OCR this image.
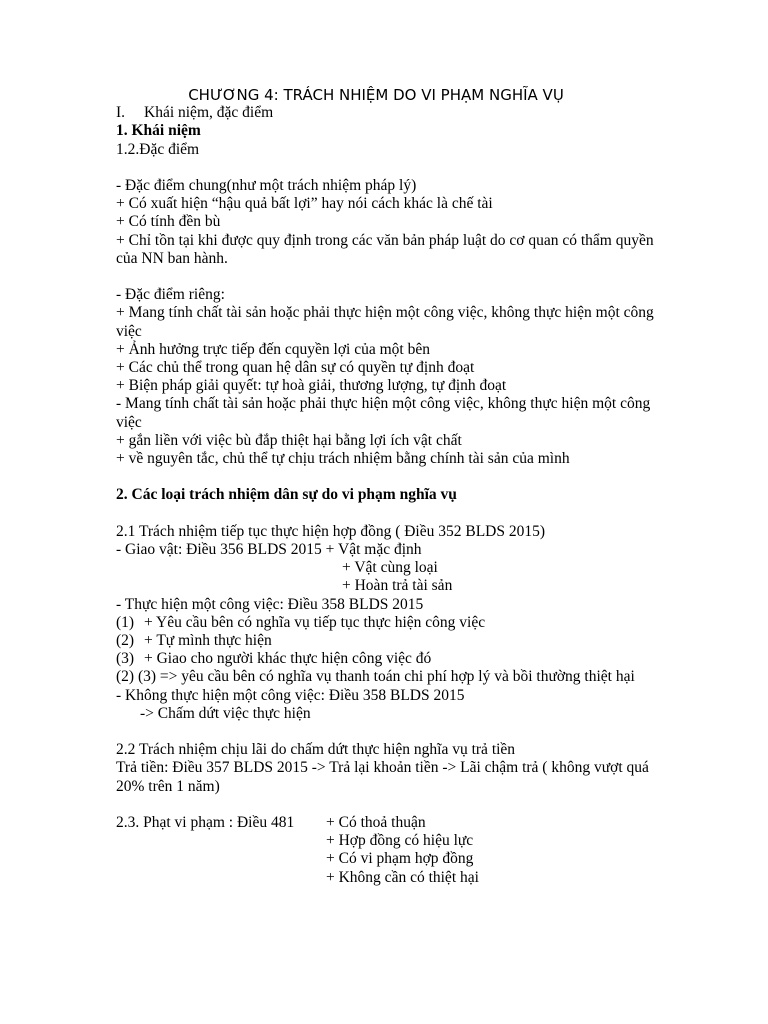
CHƯƠNG 4: TRÁCH NHIỆM DO VI PHẠM NGHĨA VỤ
I. Khái niệm, đặc điểm
1. Khái niệm
1.2.Đặc điểm
- Đặc điểm chung(như một trách nhiệm pháp lý)
+ Có xuất hiện “hậu quả bất lợi” hay nói cách khác là chế tài
+ Có tính đền bù
+ Chỉ tồn tại khi được quy định trong các văn bản pháp luật do cơ quan có thẩm quyền của NN ban hành.
- Đặc điểm riêng:
+ Mang tính chất tài sản hoặc phải thực hiện một công việc, không thực hiện một công việc
+ Ảnh hưởng trực tiếp đến cquyền lợi của một bên
+ Các chủ thể trong quan hệ dân sự có quyền tự định đoạt
+ Biện pháp giải quyết: tự hoà giải, thương lượng, tự định đoạt
- Mang tính chất tài sản hoặc phải thực hiện một công việc, không thực hiện một công việc
+ gắn liền với việc bù đắp thiệt hại bằng lợi ích vật chất
+ về nguyên tắc, chủ thể tự chịu trách nhiệm bằng chính tài sản của mình
2. Các loại trách nhiệm dân sự do vi phạm nghĩa vụ
2.1 Trách nhiệm tiếp tục thực hiện hợp đồng ( Điều 352 BLDS 2015)
- Giao vật: Điều 356 BLDS 2015 + Vật mặc định
+ Vật cùng loại
+ Hoàn trả tài sản
- Thực hiện một công việc: Điều 358 BLDS 2015
(1) + Yêu cầu bên có nghĩa vụ tiếp tục thực hiện công việc
(2) + Tự mình thực hiện
(3) + Giao cho người khác thực hiện công việc đó
(2) (3) => yêu cầu bên có nghĩa vụ thanh toán chi phí hợp lý và bồi thường thiệt hại
- Không thực hiện một công việc: Điều 358 BLDS 2015
-> Chấm dứt việc thực hiện
2.2 Trách nhiệm chịu lãi do chấm dứt thực hiện nghĩa vụ trả tiền
Trả tiền: Điều 357 BLDS 2015 -> Trả lại khoản tiền -> Lãi chậm trả ( không vượt quá 20% trên 1 năm)
2.3. Phạt vi phạm : Điều 481	+ Có thoả thuận
+ Hợp đồng có hiệu lực
+ Có vi phạm hợp đồng
+ Không cần có thiệt hại
